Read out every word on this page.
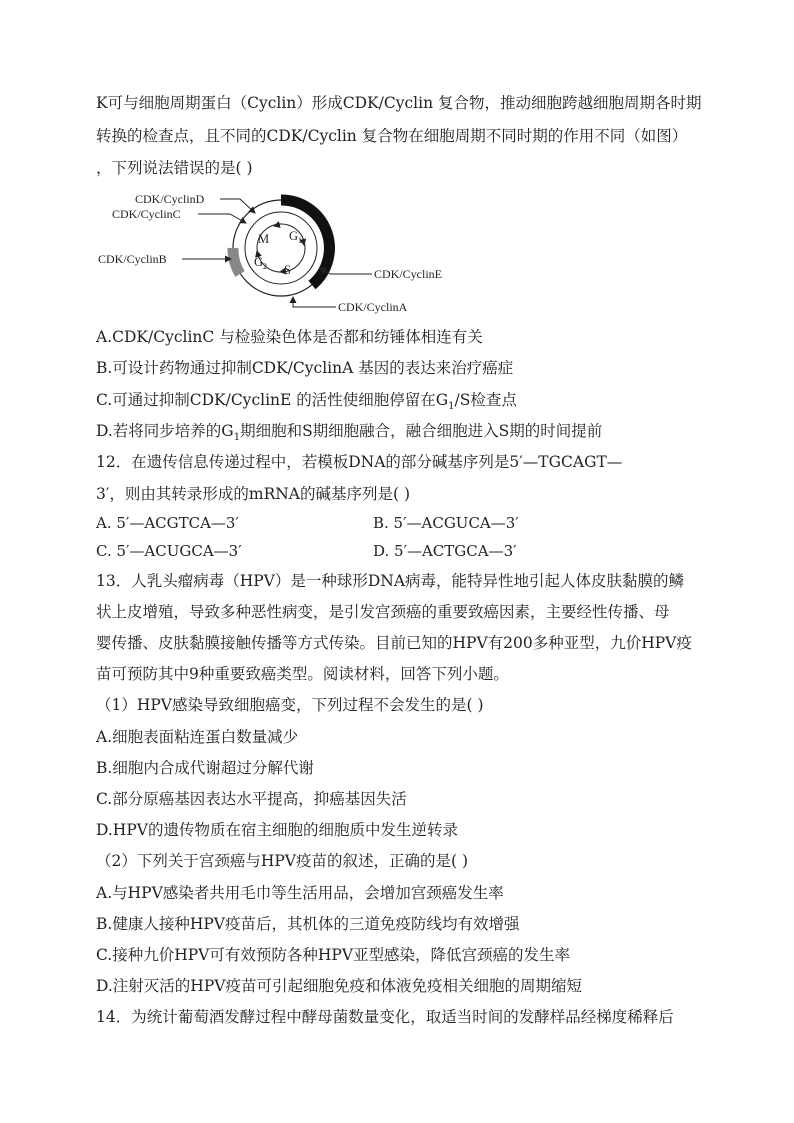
K可与细胞周期蛋白（Cyclin）形成CDK/Cyclin 复合物，推动细胞跨越细胞周期各时期
转换的检查点，且不同的CDK/Cyclin 复合物在细胞周期不同时期的作用不同（如图）
，下列说法错误的是( )
M $G_1$
$G_2$ S
CDK/CyclinD
CDK/CyclinC
CDK/CyclinB
CDK/CyclinE
CDK/CyclinA
A.CDK/CyclinC 与检验染色体是否都和纺锤体相连有关
B.可设计药物通过抑制CDK/CyclinA 基因的表达来治疗癌症
C.可通过抑制CDK/CyclinE 的活性使细胞停留在$G_1/S$检查点
D.若将同步培养的$G_1$期细胞和S期细胞融合，融合细胞进入S期的时间提前
12．在遗传信息传递过程中，若模板DNA的部分碱基序列是5′—TGCAGT—
3′，则由其转录形成的mRNA的碱基序列是( )
A. 5′—ACGTCA—3′	B. 5′—ACGUCA—3′
C. 5′—ACUGCA—3′	D. 5′—ACTGCA—3′
13．人乳头瘤病毒（HPV）是一种球形DNA病毒，能特异性地引起人体皮肤黏膜的鳞
状上皮增殖，导致多种恶性病变，是引发宫颈癌的重要致癌因素，主要经性传播、母
婴传播、皮肤黏膜接触传播等方式传染。目前已知的HPV有200多种亚型，九价HPV疫
苗可预防其中9种重要致癌类型。阅读材料，回答下列小题。
（1）HPV感染导致细胞癌变，下列过程不会发生的是( )
A.细胞表面粘连蛋白数量减少
B.细胞内合成代谢超过分解代谢
C.部分原癌基因表达水平提高，抑癌基因失活
D.HPV的遗传物质在宿主细胞的细胞质中发生逆转录
（2）下列关于宫颈癌与HPV疫苗的叙述，正确的是( )
A.与HPV感染者共用毛巾等生活用品，会增加宫颈癌发生率
B.健康人接种HPV疫苗后，其机体的三道免疫防线均有效增强
C.接种九价HPV可有效预防各种HPV亚型感染，降低宫颈癌的发生率
D.注射灭活的HPV疫苗可引起细胞免疫和体液免疫相关细胞的周期缩短
14．为统计葡萄酒发酵过程中酵母菌数量变化，取适当时间的发酵样品经梯度稀释后
